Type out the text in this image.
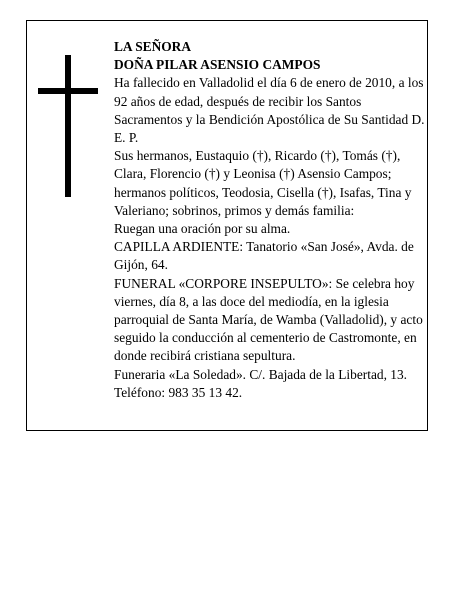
LA SEÑORA

DOÑA PILAR ASENSIO CAMPOS

Ha fallecido en Valladolid el día 6 de enero de 2010, a los 92 años de edad, después de recibir los Santos Sacramentos y la Bendición Apostólica de Su Santidad D. E. P.

Sus hermanos, Eustaquio (†), Ricardo (†), Tomás (†), Clara, Florencio (†) y Leonisa (†) Asensio Campos; hermanos políticos, Teodosia, Cisella (†), Isafas, Tina y Valeriano; sobrinos, primos y demás familia:

Ruegan una oración por su alma.

CAPILLA ARDIENTE: Tanatorio «San José», Avda. de Gijón, 64.

FUNERAL «CORPORE INSEPULTO»: Se celebra hoy viernes, día 8, a las doce del mediodía, en la iglesia parroquial de Santa María, de Wamba (Valladolid), y acto seguido la conducción al cementerio de Castromonte, en donde recibirá cristiana sepultura.

Funeraria «La Soledad». C/. Bajada de la Libertad, 13.

Teléfono: 983 35 13 42.
